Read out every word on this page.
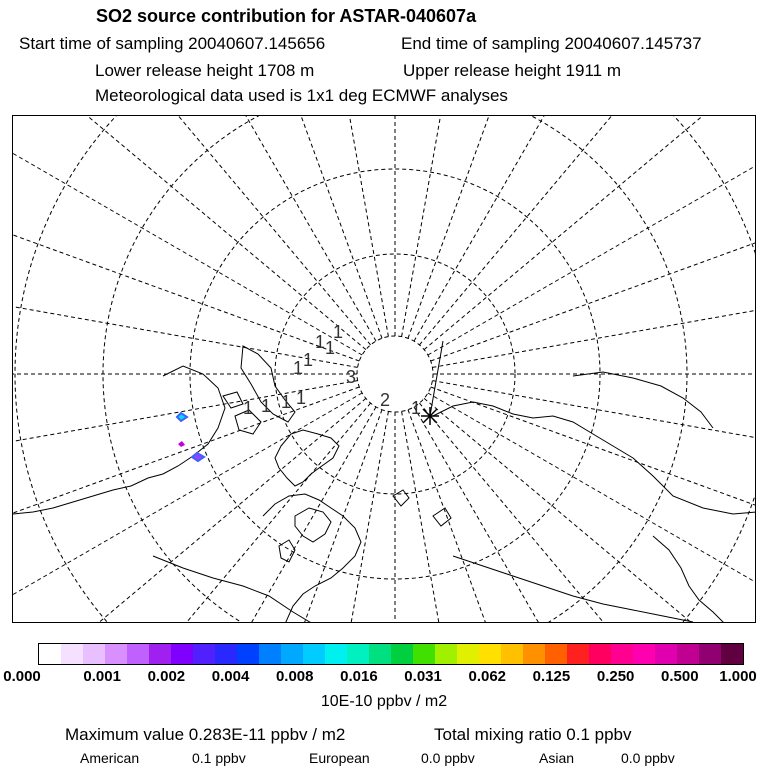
SO2 source contribution for ASTAR-040607a
Start time of sampling 20040607.145656	End time of sampling 20040607.145737
Lower release height 1708 m	Upper release height 1911 m
Meteorological data used is 1x1 deg ECMWF analyses
1
2
3
1
1 1
1
1
1 1 1 1
0.000	0.001 0.002 0.004 0.008 0.016 0.031 0.062 0.125 0.250 0.500 1.000
10E-10 ppbv / m2
Maximum value 0.283E-11 ppbv / m2	Total mixing ratio 0.1 ppbv
American	0.1 ppbv	European	0.0 ppbv	Asian	0.0 ppbv
